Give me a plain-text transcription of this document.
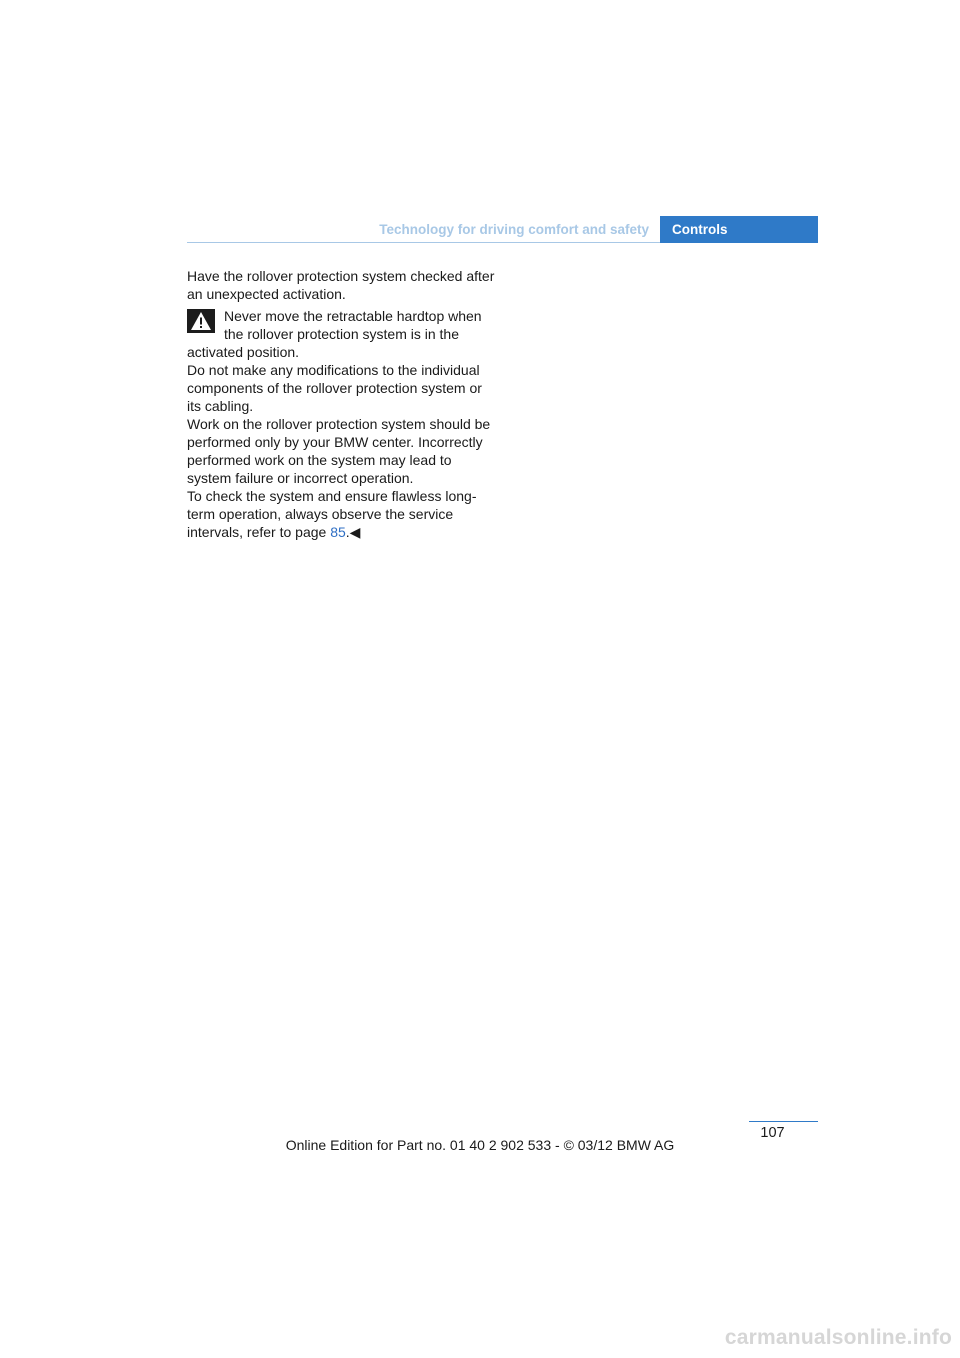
Technology for driving comfort and safety	Controls

Have the rollover protection system checked after an unexpected activation.

Never move the retractable hardtop when the rollover protection system is in the activated position.

Do not make any modifications to the individual components of the rollover protection system or its cabling.

Work on the rollover protection system should be performed only by your BMW center. Incorrectly performed work on the system may lead to system failure or incorrect operation.

To check the system and ensure flawless long-term operation, always observe the service intervals, refer to page 85.◀

107
Online Edition for Part no. 01 40 2 902 533 - © 03/12 BMW AG
carmanualsonline.info
